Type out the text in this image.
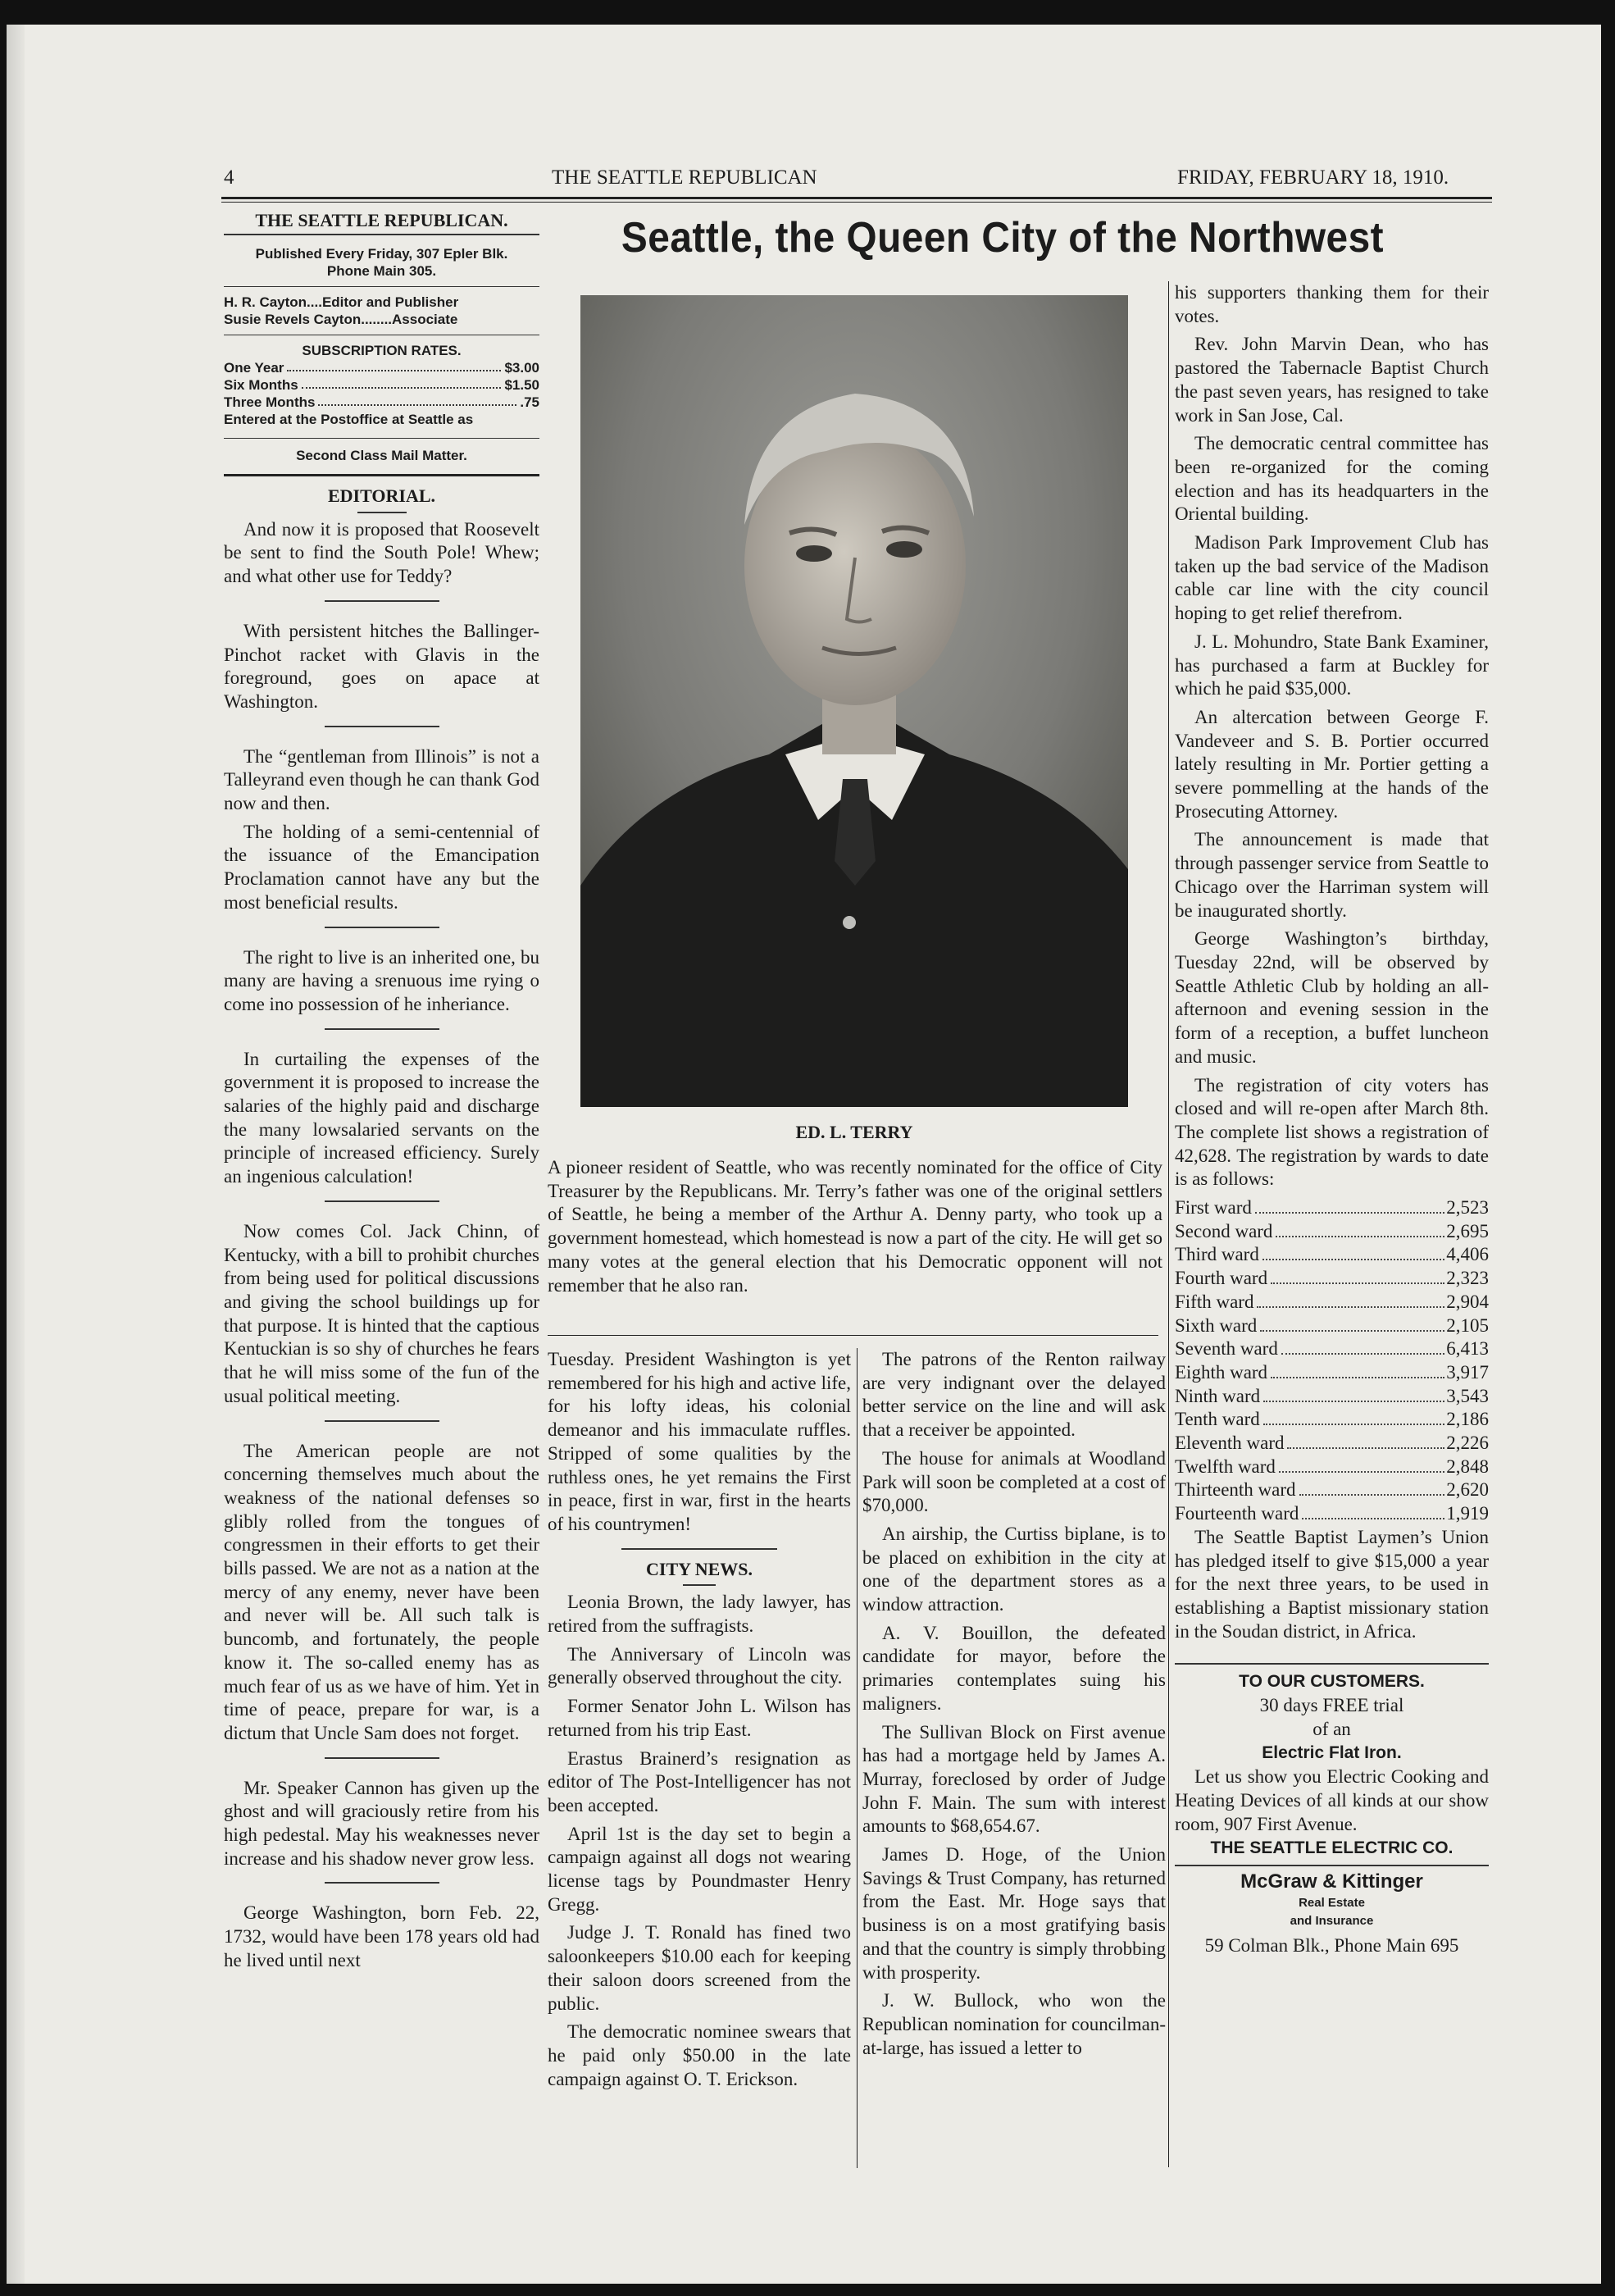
4	THE SEATTLE REPUBLICAN	FRIDAY, FEBRUARY 18, 1910.
THE SEATTLE REPUBLICAN.
Published Every Friday, 307 Epler Blk.
Phone Main 305.
H. R. Cayton....Editor and Publisher
Susie Revels Cayton........Associate
SUBSCRIPTION RATES.
One Year	$3.00
Six Months	$1.50
Three Months	.75
Entered at the Postoffice at Seattle as
Second Class Mail Matter.
EDITORIAL.

And now it is proposed that Roosevelt be sent to find the South Pole! Whew; and what other use for Teddy?

With persistent hitches the Ballinger-Pinchot racket with Glavis in the foreground, goes on apace at Washington.

The “gentleman from Illinois” is not a Talleyrand even though he can thank God now and then.

The holding of a semi-centennial of the issuance of the Emancipation Proclamation cannot have any but the most beneficial results.

The right to live is an inherited one, bu many are having a srenuous ime rying o come ino possession of he inheriance.

In curtailing the expenses of the government it is proposed to increase the salaries of the highly paid and discharge the many lowsalaried servants on the principle of increased efficiency. Surely an ingenious calculation!

Now comes Col. Jack Chinn, of Kentucky, with a bill to prohibit churches from being used for political discussions and giving the school buildings up for that purpose. It is hinted that the captious Kentuckian is so shy of churches he fears that he will miss some of the fun of the usual political meeting.

The American people are not concerning themselves much about the weakness of the national defenses so glibly rolled from the tongues of congressmen in their efforts to get their bills passed. We are not as a nation at the mercy of any enemy, never have been and never will be. All such talk is buncomb, and fortunately, the people know it. The so-called enemy has as much fear of us as we have of him. Yet in time of peace, prepare for war, is a dictum that Uncle Sam does not forget.

Mr. Speaker Cannon has given up the ghost and will graciously retire from his high pedestal. May his weaknesses never increase and his shadow never grow less.

George Washington, born Feb. 22, 1732, would have been 178 years old had he lived until next

Seattle, the Queen City of the Northwest
ED. L. TERRY
A pioneer resident of Seattle, who was recently nominated for the office of City Treasurer by the Republicans. Mr. Terry’s father was one of the original settlers of Seattle, he being a member of the Arthur A. Denny party, who took up a government homestead, which homestead is now a part of the city. He will get so many votes at the general election that his Democratic opponent will not remember that he also ran.

Tuesday. President Washington is yet remembered for his high and active life, for his lofty ideas, his colonial demeanor and his immaculate ruffles. Stripped of some qualities by the ruthless ones, he yet remains the First in peace, first in war, first in the hearts of his countrymen!

CITY NEWS.

Leonia Brown, the lady lawyer, has retired from the suffragists.

The Anniversary of Lincoln was generally observed throughout the city.

Former Senator John L. Wilson has returned from his trip East.

Erastus Brainerd’s resignation as editor of The Post-Intelligencer has not been accepted.

April 1st is the day set to begin a campaign against all dogs not wearing license tags by Poundmaster Henry Gregg.

Judge J. T. Ronald has fined two saloonkeepers $10.00 each for keeping their saloon doors screened from the public.

The democratic nominee swears that he paid only $50.00 in the late campaign against O. T. Erickson.

The patrons of the Renton railway are very indignant over the delayed better service on the line and will ask that a receiver be appointed.

The house for animals at Woodland Park will soon be completed at a cost of $70,000.

An airship, the Curtiss biplane, is to be placed on exhibition in the city at one of the department stores as a window attraction.

A. V. Bouillon, the defeated candidate for mayor, before the primaries contemplates suing his maligners.

The Sullivan Block on First avenue has had a mortgage held by James A. Murray, foreclosed by order of Judge John F. Main. The sum with interest amounts to $68,654.67.

James D. Hoge, of the Union Savings & Trust Company, has returned from the East. Mr. Hoge says that business is on a most gratifying basis and that the country is simply throbbing with prosperity.

J. W. Bullock, who won the Republican nomination for councilman-at-large, has issued a letter to

his supporters thanking them for their votes.

Rev. John Marvin Dean, who has pastored the Tabernacle Baptist Church the past seven years, has resigned to take work in San Jose, Cal.

The democratic central committee has been re-organized for the coming election and has its headquarters in the Oriental building.

Madison Park Improvement Club has taken up the bad service of the Madison cable car line with the city council hoping to get relief therefrom.

J. L. Mohundro, State Bank Examiner, has purchased a farm at Buckley for which he paid $35,000.

An altercation between George F. Vandeveer and S. B. Portier occurred lately resulting in Mr. Portier getting a severe pommelling at the hands of the Prosecuting Attorney.

The announcement is made that through passenger service from Seattle to Chicago over the Harriman system will be inaugurated shortly.

George Washington’s birthday, Tuesday 22nd, will be observed by Seattle Athletic Club by holding an all-afternoon and evening session in the form of a reception, a buffet luncheon and music.

The registration of city voters has closed and will re-open after March 8th. The complete list shows a registration of 42,628. The registration by wards to date is as follows:

First ward	2,523
Second ward	2,695
Third ward	4,406
Fourth ward	2,323
Fifth ward	2,904
Sixth ward	2,105
Seventh ward	6,413
Eighth ward	3,917
Ninth ward	3,543
Tenth ward	2,186
Eleventh ward	2,226
Twelfth ward	2,848
Thirteenth ward	2,620
Fourteenth ward	1,919

The Seattle Baptist Laymen’s Union has pledged itself to give $15,000 a year for the next three years, to be used in establishing a Baptist missionary station in the Soudan district, in Africa.

TO OUR CUSTOMERS.
30 days FREE trial
of an
Electric Flat Iron.
Let us show you Electric Cooking and Heating Devices of all kinds at our show room, 907 First Avenue.
THE SEATTLE ELECTRIC CO.
McGraw & Kittinger
Real Estate
and Insurance
59 Colman Blk., Phone Main 695
